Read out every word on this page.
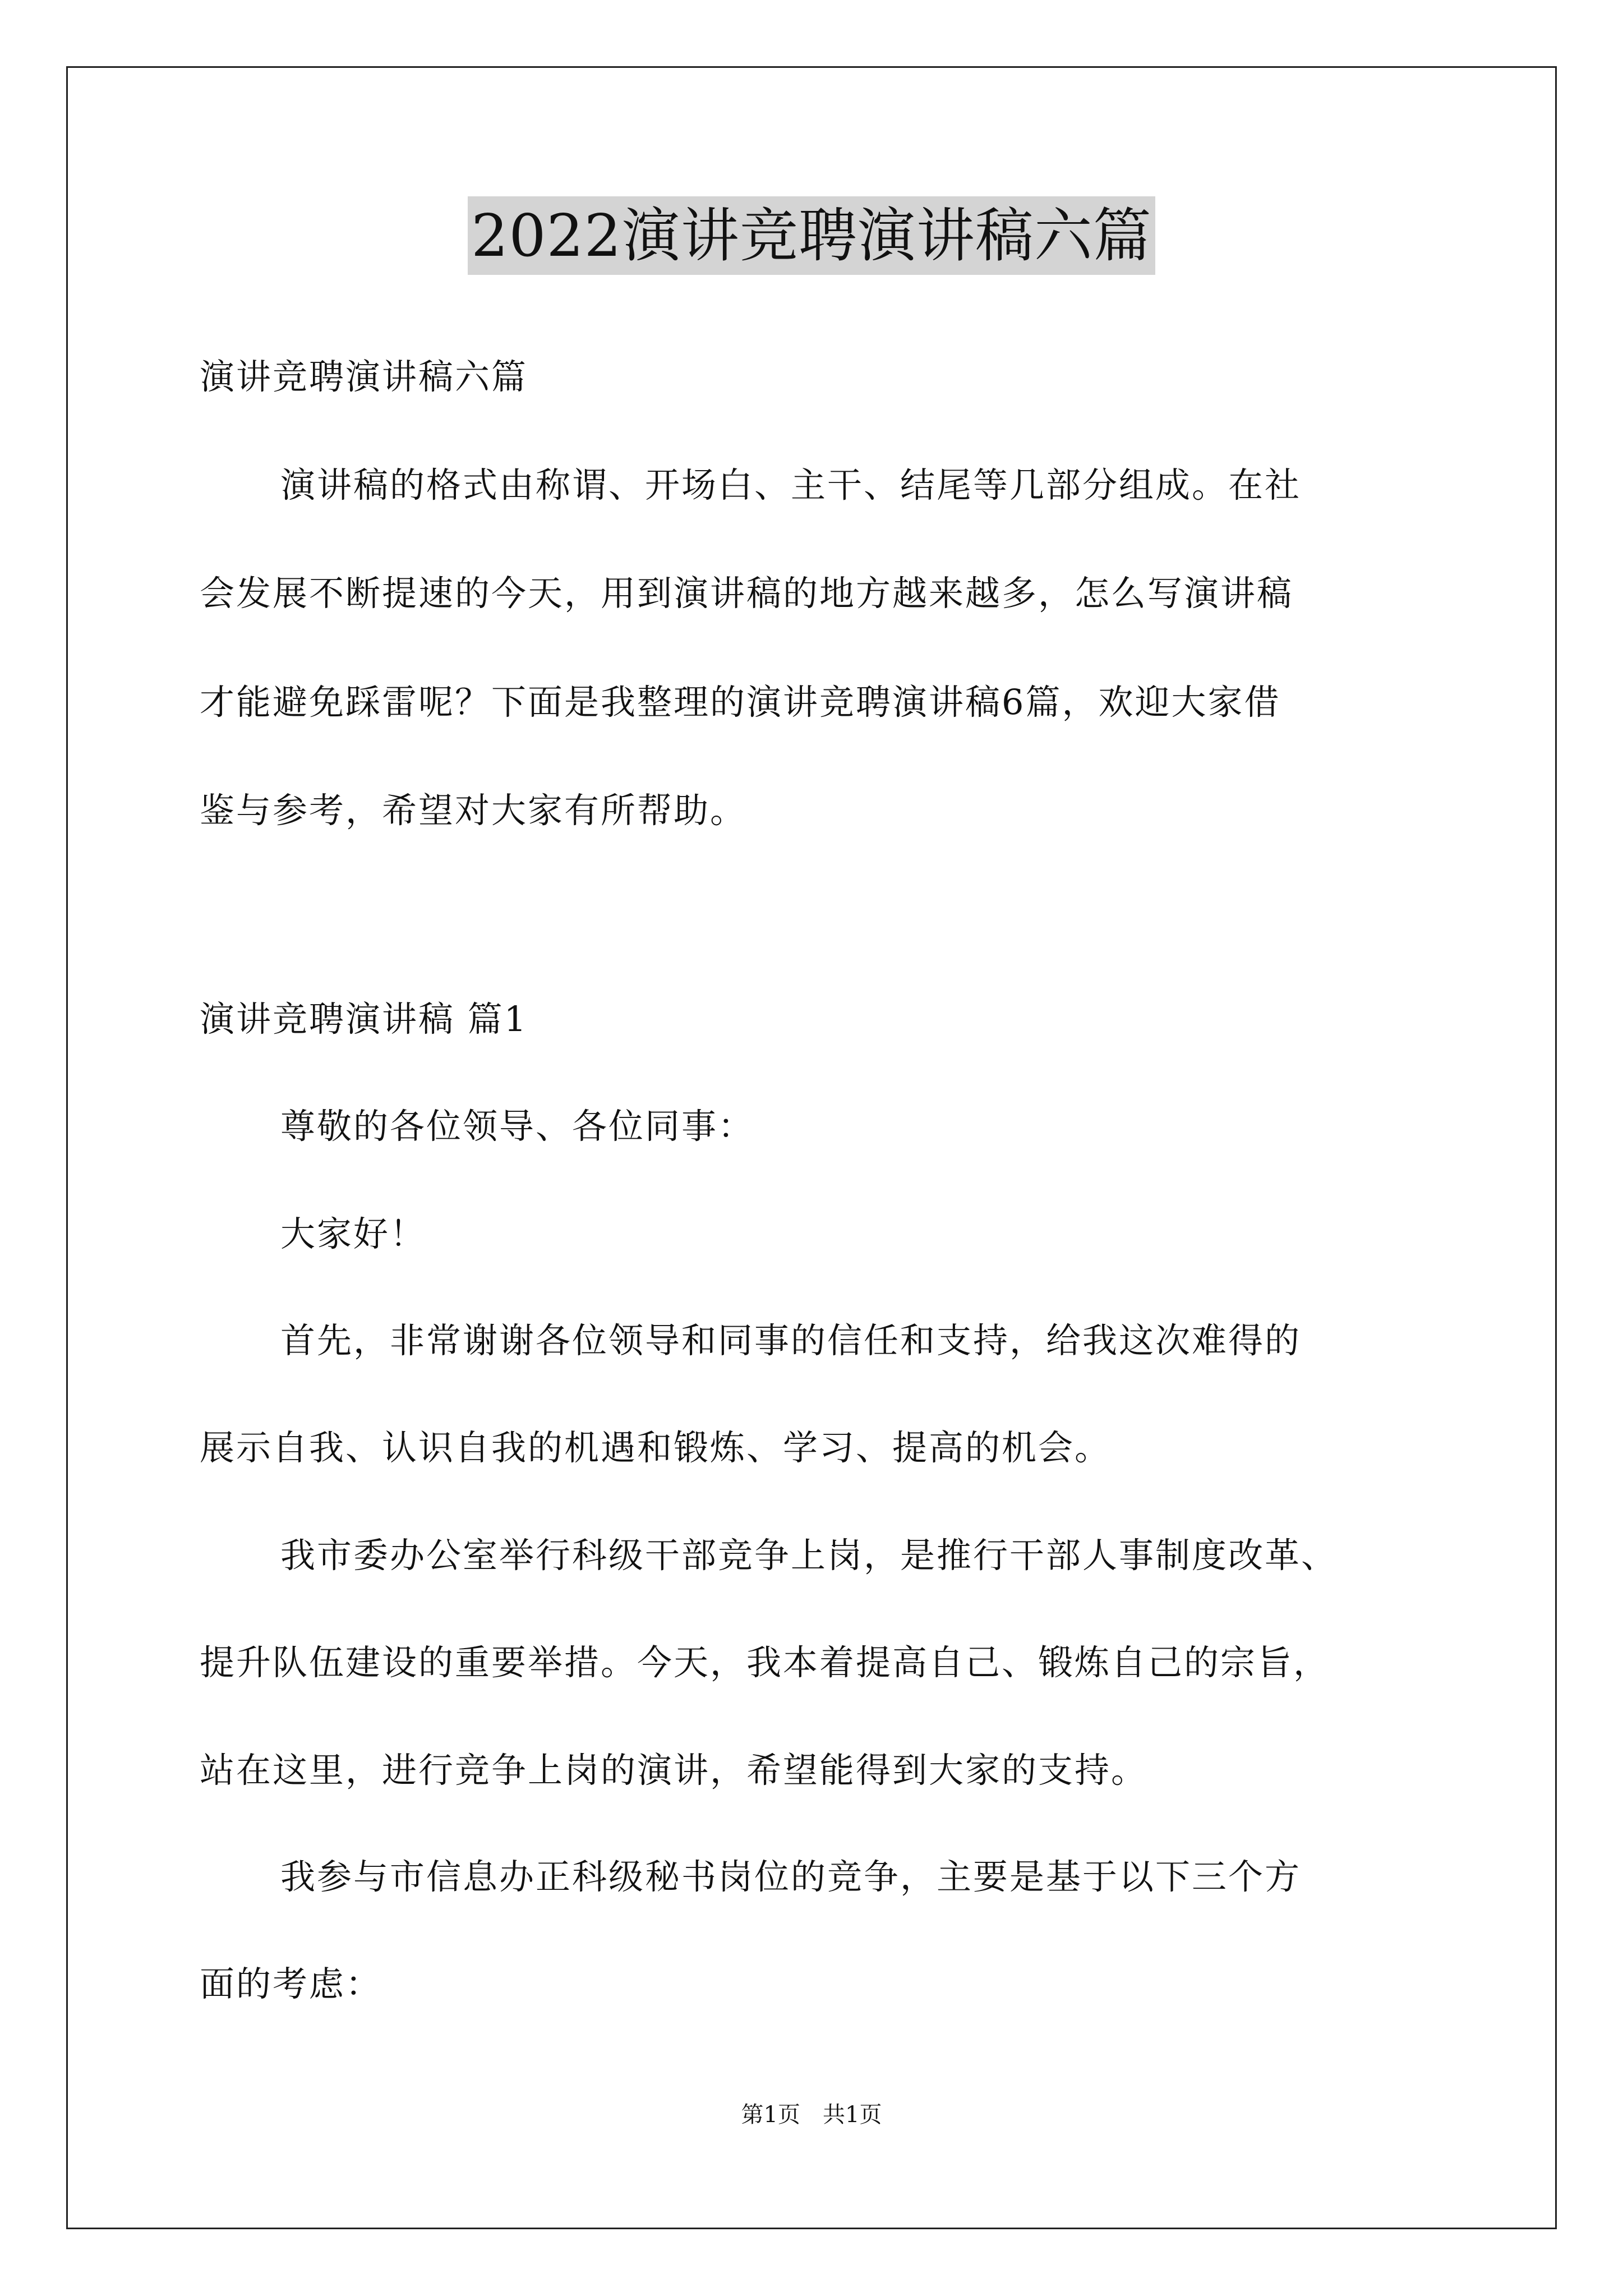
2022演讲竞聘演讲稿六篇
演讲竞聘演讲稿六篇
演讲稿的格式由称谓、开场白、主干、结尾等几部分组成。在社
会发展不断提速的今天，用到演讲稿的地方越来越多，怎么写演讲稿
才能避免踩雷呢？下面是我整理的演讲竞聘演讲稿6篇，欢迎大家借
鉴与参考，希望对大家有所帮助。
演讲竞聘演讲稿 篇1
尊敬的各位领导、各位同事：
大家好！
首先，非常谢谢各位领导和同事的信任和支持，给我这次难得的
展示自我、认识自我的机遇和锻炼、学习、提高的机会。
我市委办公室举行科级干部竞争上岗，是推行干部人事制度改革、
提升队伍建设的重要举措。今天，我本着提高自己、锻炼自己的宗旨，
站在这里，进行竞争上岗的演讲，希望能得到大家的支持。
我参与市信息办正科级秘书岗位的竞争，主要是基于以下三个方
面的考虑：
第1页　共1页
